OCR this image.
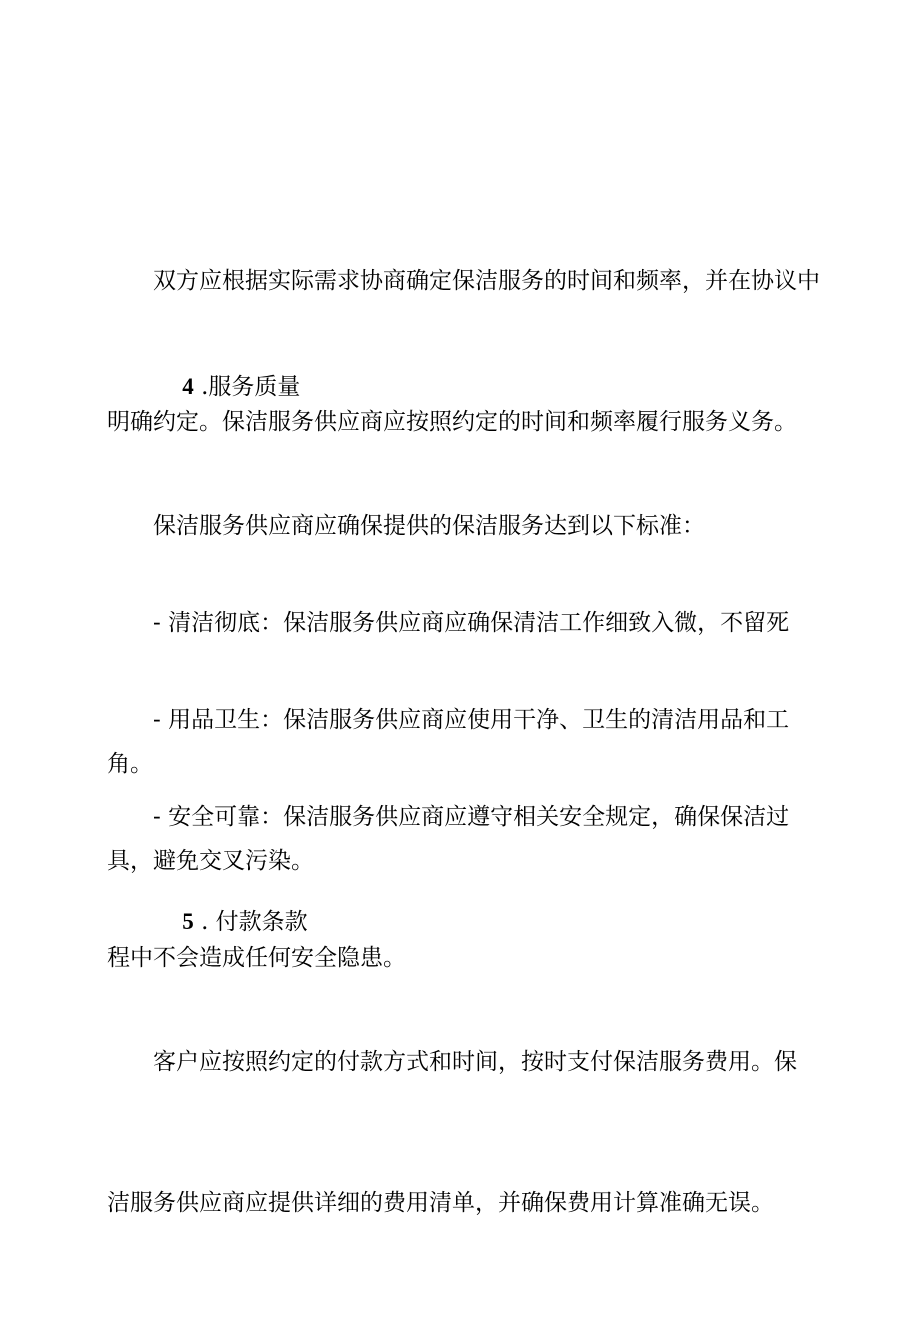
双方应根据实际需求协商确定保洁服务的时间和频率，并在协议中

明确约定。保洁服务供应商应按照约定的时间和频率履行服务义务。

4 .服务质量

保洁服务供应商应确保提供的保洁服务达到以下标准：

- 清洁彻底：保洁服务供应商应确保清洁工作细致入微，不留死

角。

- 用品卫生：保洁服务供应商应使用干净、卫生的清洁用品和工

具，避免交叉污染。

- 安全可靠：保洁服务供应商应遵守相关安全规定，确保保洁过

程中不会造成任何安全隐患。

5 . 付款条款

客户应按照约定的付款方式和时间，按时支付保洁服务费用。保

洁服务供应商应提供详细的费用清单，并确保费用计算准确无误。
